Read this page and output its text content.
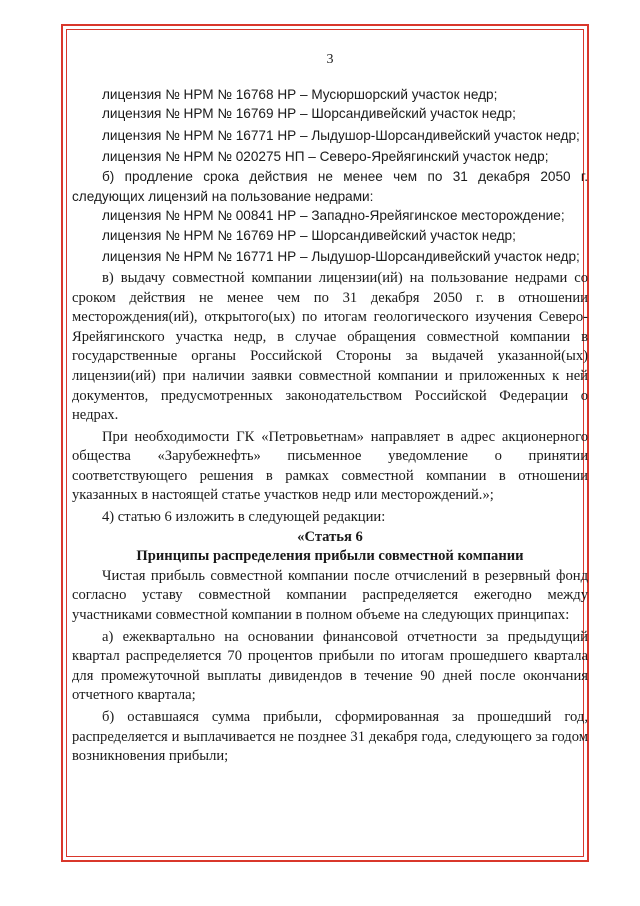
3

лицензия № НРМ № 16768 НР – Мусюршорский участок недр;

лицензия № НРМ № 16769 НР – Шорсандивейский участок недр;

лицензия № НРМ № 16771 НР – Лыдушор-Шорсандивейский участок недр;

лицензия № НРМ № 020275 НП – Северо-Ярейягинский участок недр;

б) продление срока действия не менее чем по 31 декабря 2050 г. следующих лицензий на пользование недрами:

лицензия № НРМ № 00841 НР – Западно-Ярейягинское месторождение;

лицензия № НРМ № 16769 НР – Шорсандивейский участок недр;

лицензия № НРМ № 16771 НР – Лыдушор-Шорсандивейский участок недр;

в) выдачу совместной компании лицензии(ий) на пользование недрами со сроком действия не менее чем по 31 декабря 2050 г. в отношении месторождения(ий), открытого(ых) по итогам геологического изучения Северо-Ярейягинского участка недр, в случае обращения совместной компании в государственные органы Российской Стороны за выдачей указанной(ых) лицензии(ий) при наличии заявки совместной компании и приложенных к ней документов, предусмотренных законодательством Российской Федерации о недрах.

При необходимости ГК «Петровьетнам» направляет в адрес акционерного общества «Зарубежнефть» письменное уведомление о принятии соответствующего решения в рамках совместной компании в отношении указанных в настоящей статье участков недр или месторождений.»;

4) статью 6 изложить в следующей редакции:

«Статья 6

Принципы распределения прибыли совместной компании

Чистая прибыль совместной компании после отчислений в резервный фонд согласно уставу совместной компании распределяется ежегодно между участниками совместной компании в полном объеме на следующих принципах:

а) ежеквартально на основании финансовой отчетности за предыдущий квартал распределяется 70 процентов прибыли по итогам прошедшего квартала для промежуточной выплаты дивидендов в течение 90 дней после окончания отчетного квартала;

б) оставшаяся сумма прибыли, сформированная за прошедший год, распределяется и выплачивается не позднее 31 декабря года, следующего за годом возникновения прибыли;
